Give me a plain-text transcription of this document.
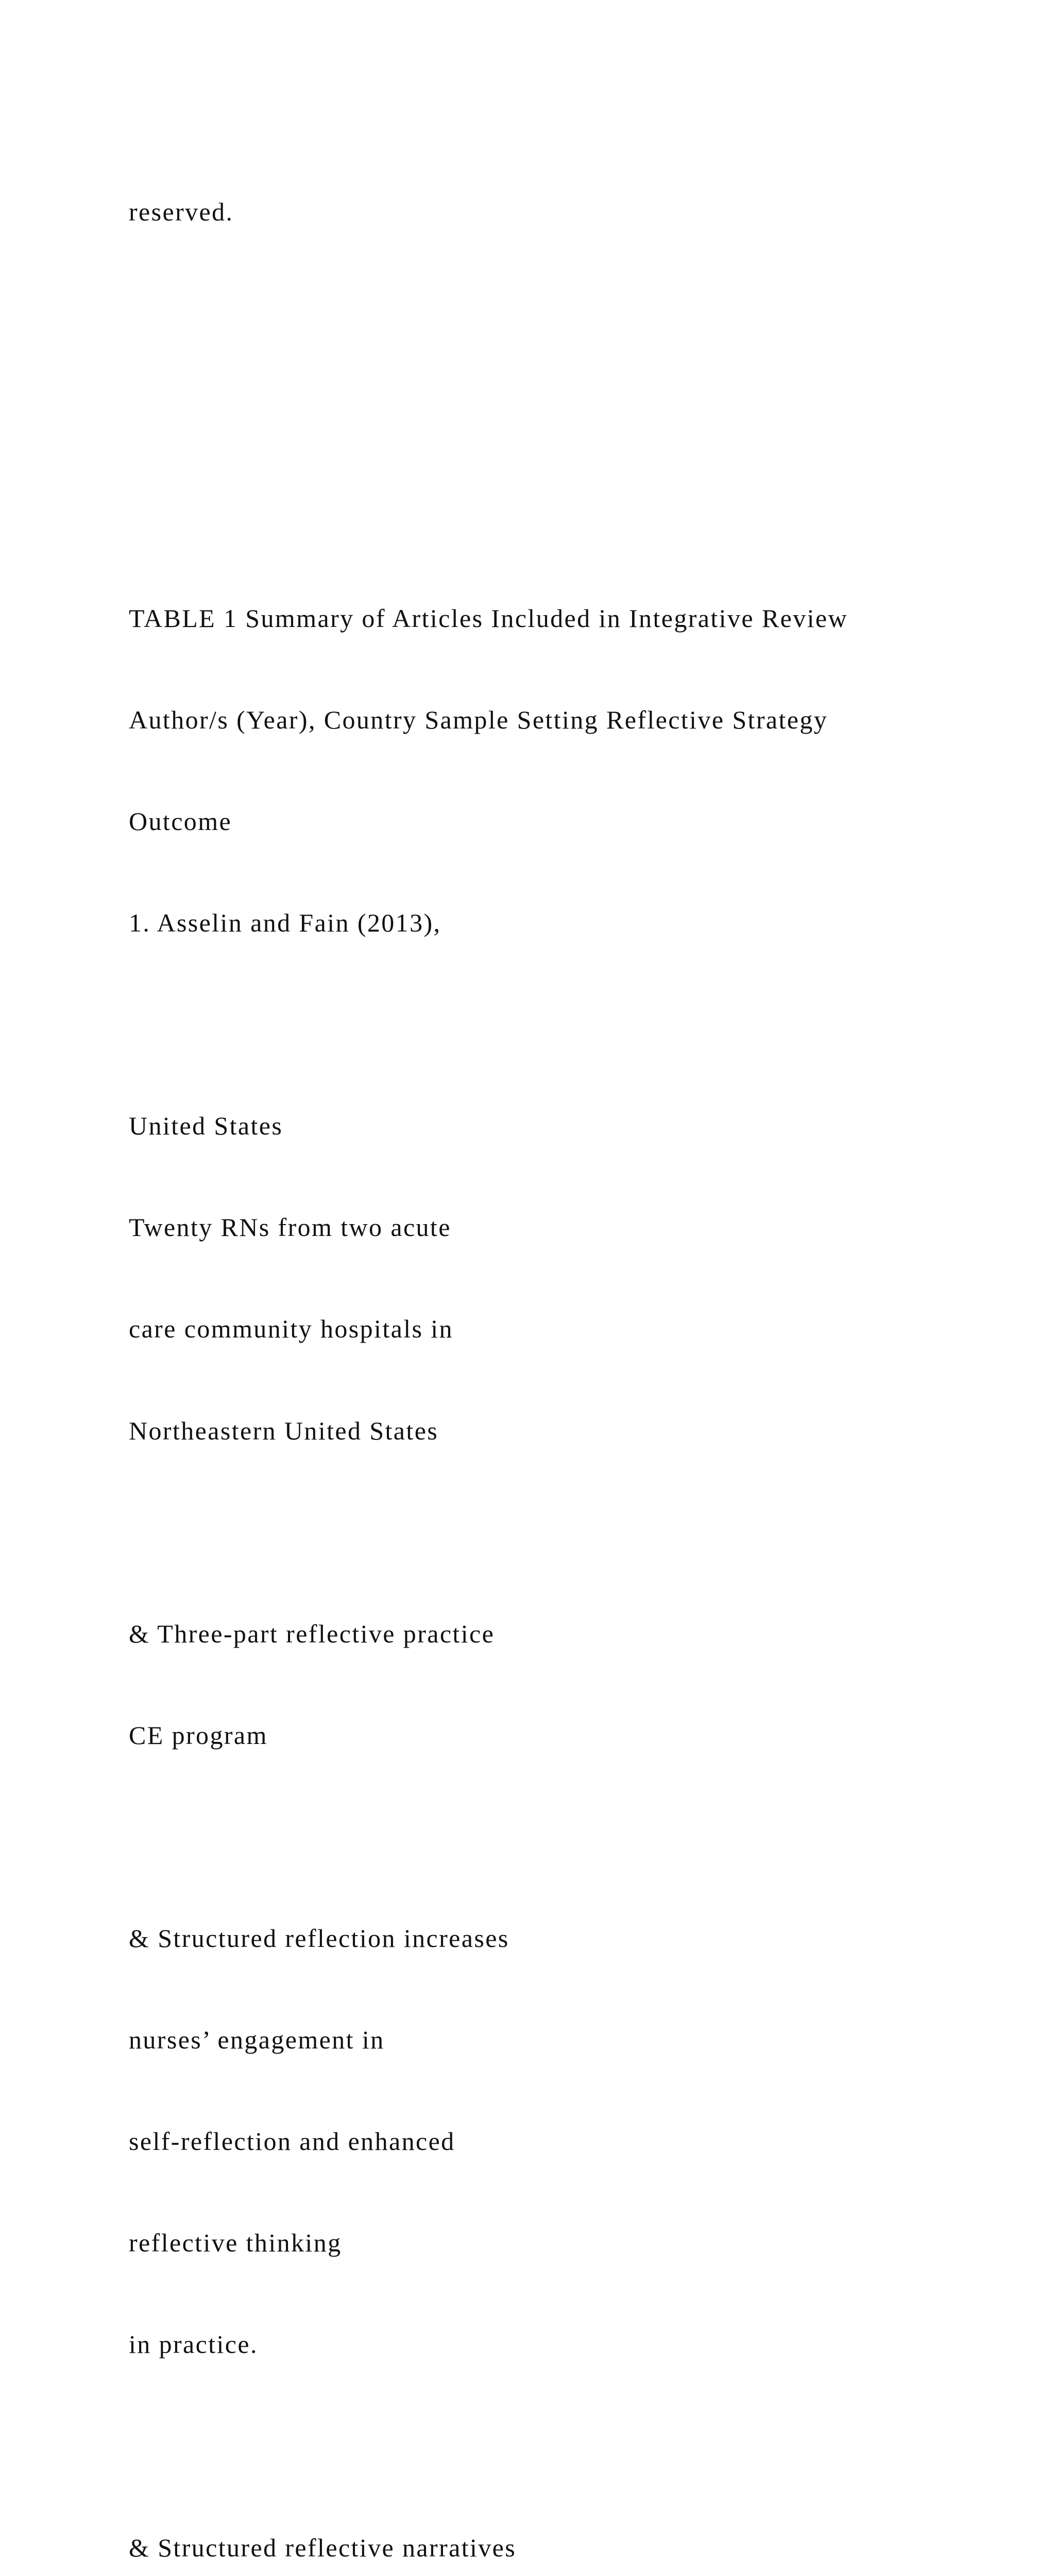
reserved.

TABLE 1 Summary of Articles Included in Integrative Review

Author/s (Year), Country Sample Setting Reflective Strategy

Outcome

1. Asselin and Fain (2013),

United States

Twenty RNs from two acute

care community hospitals in

Northeastern United States

& Three-part reflective practice

CE program

& Structured reflection increases

nurses’ engagement in

self-reflection and enhanced

reflective thinking

in practice.

& Structured reflective narratives
